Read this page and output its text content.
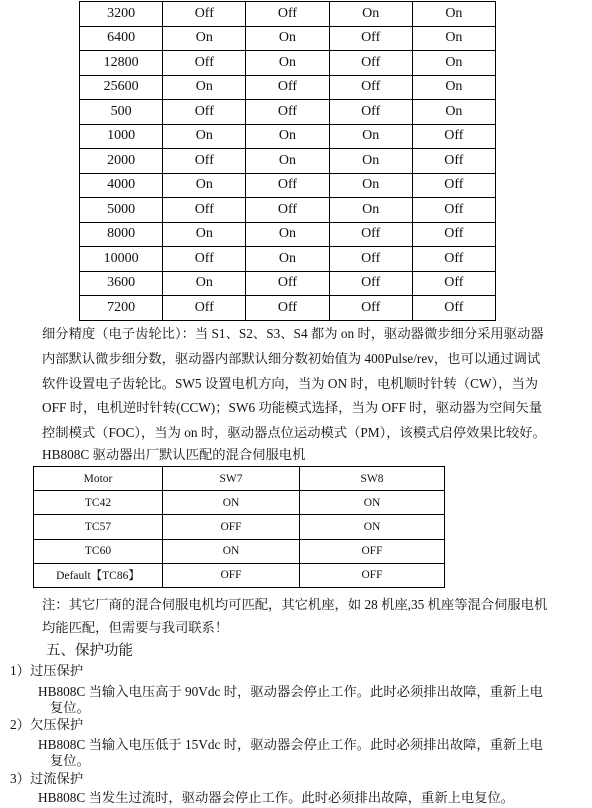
3200	Off	Off	On	On
6400	On	On	Off	On
12800	Off	On	Off	On
25600	On	Off	Off	On
500	Off	Off	Off	On
1000	On	On	On	Off
2000	Off	On	On	Off
4000	On	Off	On	Off
5000	Off	Off	On	Off
8000	On	On	Off	Off
10000	Off	On	Off	Off
3600	On	Off	Off	Off
7200	Off	Off	Off	Off
细分精度（电子齿轮比）：当 S1、S2、S3、S4 都为 on 时，驱动器微步细分采用驱动器
内部默认微步细分数，驱动器内部默认细分数初始值为 400Pulse/rev，也可以通过调试
软件设置电子齿轮比。SW5 设置电机方向，当为 ON 时，电机顺时针转（CW），当为
OFF 时，电机逆时针转(CCW)；SW6 功能模式选择，当为 OFF 时，驱动器为空间矢量
控制模式（FOC），当为 on 时，驱动器点位运动模式（PM），该模式启停效果比较好。
HB808C 驱动器出厂默认匹配的混合伺服电机
Motor	SW7	SW8
TC42	ON	ON
TC57	OFF	ON
TC60	ON	OFF
Default【TC86】	OFF	OFF
注：其它厂商的混合伺服电机均可匹配，其它机座，如 28 机座,35 机座等混合伺服电机
均能匹配，但需要与我司联系！
五、保护功能
1）过压保护
HB808C 当输入电压高于 90Vdc 时，驱动器会停止工作。此时必须排出故障，重新上电
复位。
2）欠压保护
HB808C 当输入电压低于 15Vdc 时，驱动器会停止工作。此时必须排出故障，重新上电
复位。
3）过流保护
HB808C 当发生过流时，驱动器会停止工作。此时必须排出故障，重新上电复位。
